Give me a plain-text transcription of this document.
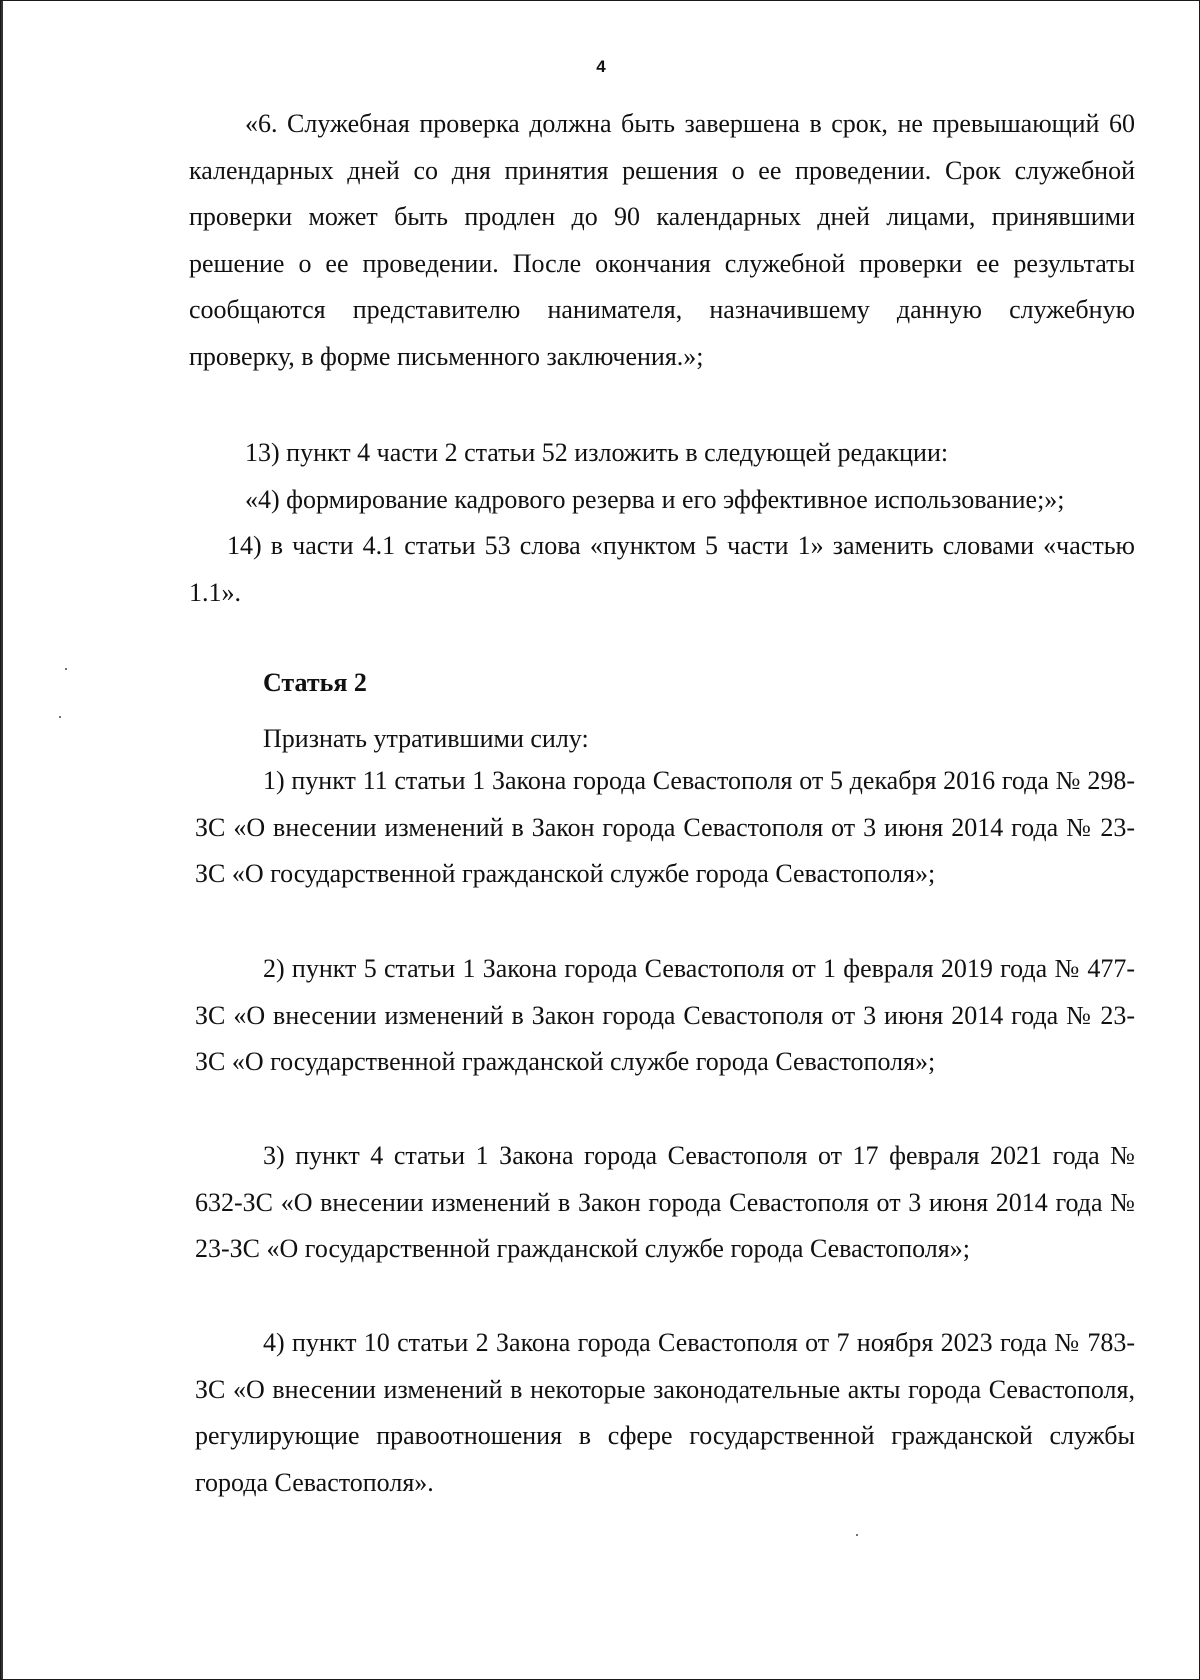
4

«6. Служебная проверка должна быть завершена в срок, не превышающий 60 календарных дней со дня принятия решения о ее проведении. Срок служебной проверки может быть продлен до 90 календарных дней лицами, принявшими решение о ее проведении. После окончания служебной проверки ее результаты сообщаются представителю нанимателя, назначившему данную служебную проверку, в форме письменного заключения.»;

13) пункт 4 части 2 статьи 52 изложить в следующей редакции:

«4) формирование кадрового резерва и его эффективное использование;»;

14) в части 4.1 статьи 53 слова «пунктом 5 части 1» заменить словами «частью 1.1».

Статья 2

Признать утратившими силу:

1) пункт 11 статьи 1 Закона города Севастополя от 5 декабря 2016 года № 298-ЗС «О внесении изменений в Закон города Севастополя от 3 июня 2014 года № 23-ЗС «О государственной гражданской службе города Севастополя»;

2) пункт 5 статьи 1 Закона города Севастополя от 1 февраля 2019 года № 477-ЗС «О внесении изменений в Закон города Севастополя от 3 июня 2014 года № 23-ЗС «О государственной гражданской службе города Севастополя»;

3) пункт 4 статьи 1 Закона города Севастополя от 17 февраля 2021 года № 632-ЗС «О внесении изменений в Закон города Севастополя от 3 июня 2014 года № 23-ЗС «О государственной гражданской службе города Севастополя»;

4) пункт 10 статьи 2 Закона города Севастополя от 7 ноября 2023 года № 783-ЗС «О внесении изменений в некоторые законодательные акты города Севастополя, регулирующие правоотношения в сфере государственной гражданской службы города Севастополя».
